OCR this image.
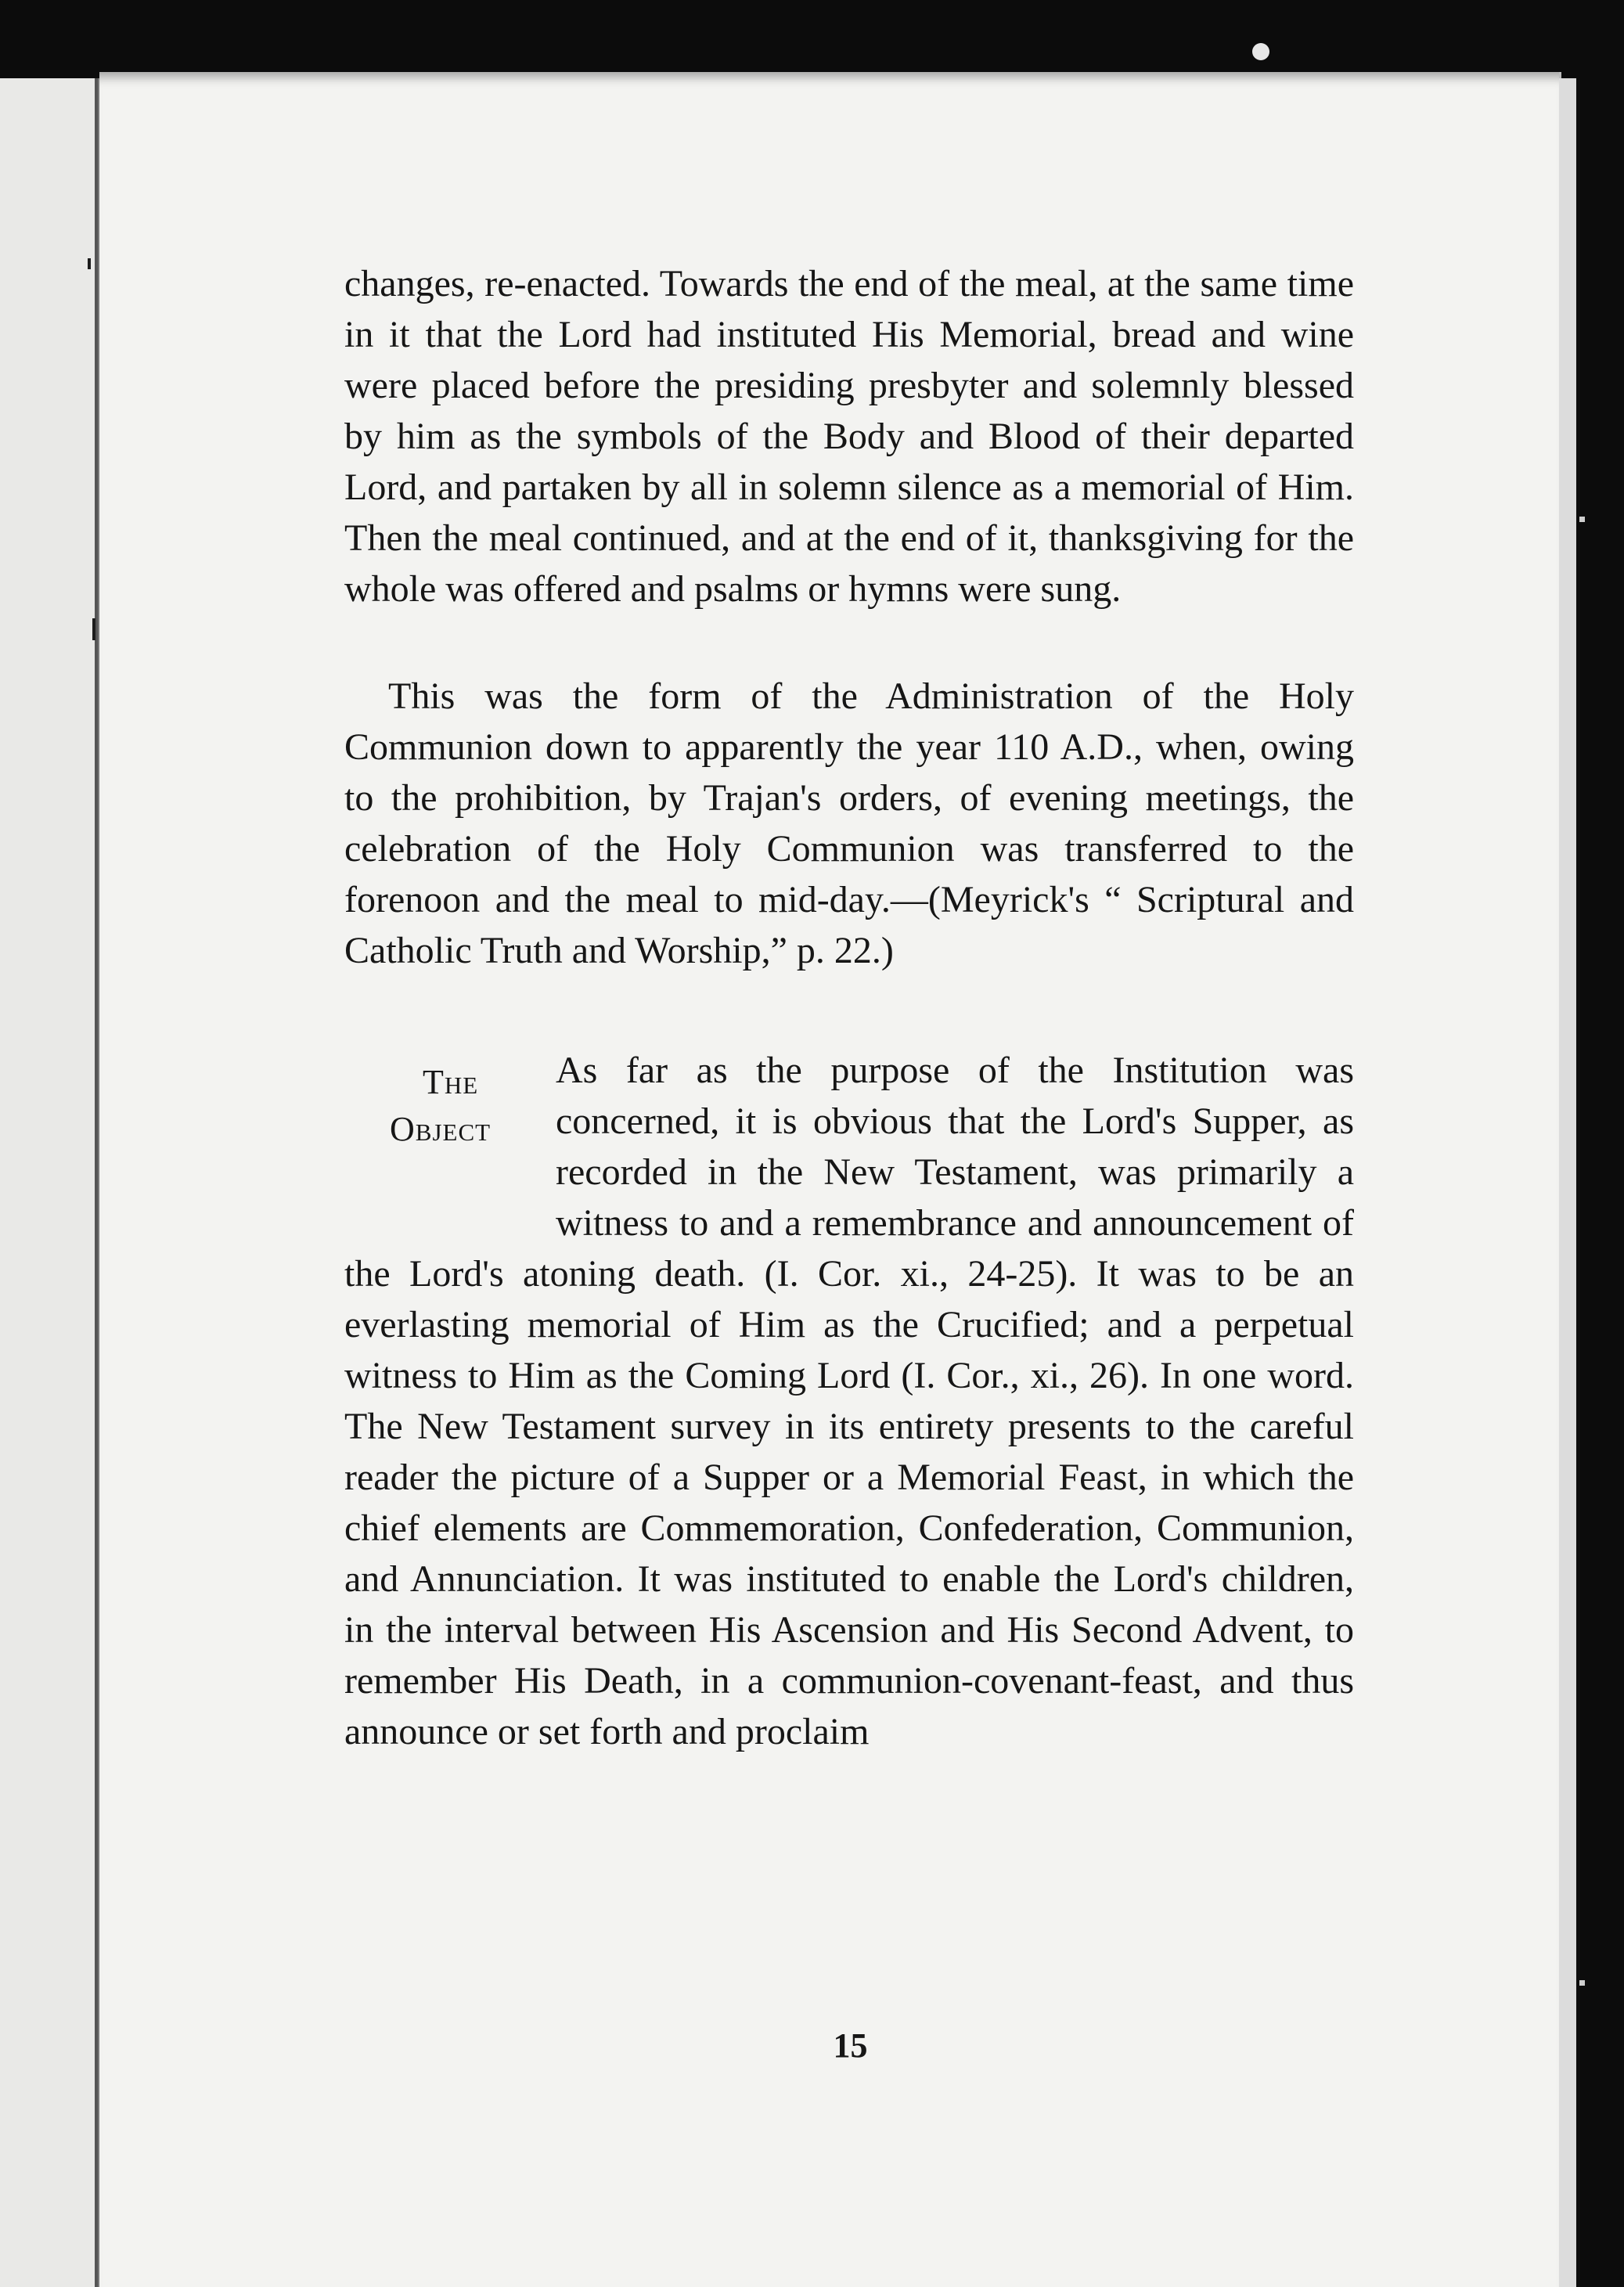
changes, re-enacted. Towards the end of the meal, at the same time in it that the Lord had instituted His Memorial, bread and wine were placed before the presiding presbyter and solemnly blessed by him as the symbols of the Body and Blood of their departed Lord, and partaken by all in solemn silence as a memorial of Him. Then the meal continued, and at the end of it, thanksgiving for the whole was offered and psalms or hymns were sung.

This was the form of the Administration of the Holy Communion down to apparently the year 110 A.D., when, owing to the prohibition, by Trajan's orders, of evening meetings, the celebration of the Holy Communion was transferred to the forenoon and the meal to mid-day.—(Meyrick's “ Scriptural and Catholic Truth and Worship,” p. 22.)

The
Object

As far as the purpose of the Institution was concerned, it is obvious that the Lord's Supper, as recorded in the New Testament, was primarily a witness to and a remembrance and announcement of the Lord's atoning death. (I. Cor. xi., 24-25). It was to be an everlasting memorial of Him as the Crucified; and a perpetual witness to Him as the Coming Lord (I. Cor., xi., 26). In one word. The New Testament survey in its entirety presents to the careful reader the picture of a Supper or a Memorial Feast, in which the chief elements are Commemoration, Confederation, Communion, and Annunciation. It was instituted to enable the Lord's children, in the interval between His Ascension and His Second Advent, to remember His Death, in a communion-covenant-feast, and thus announce or set forth and proclaim

15
